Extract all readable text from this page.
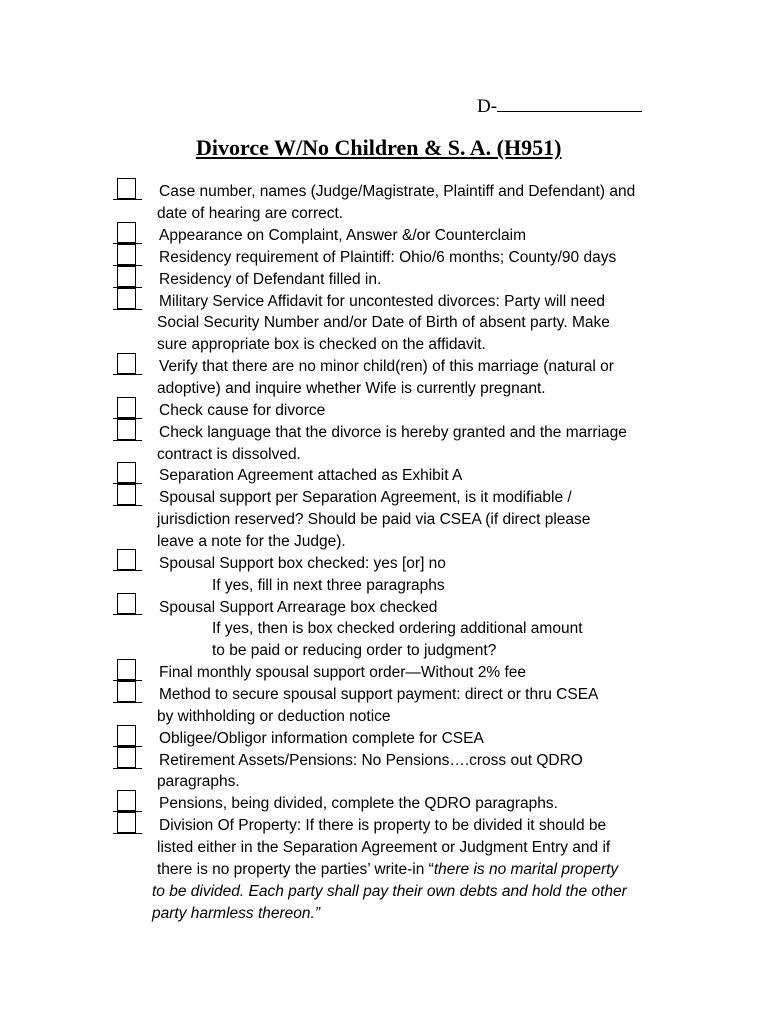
D-
Divorce W/No Children & S. A. (H951)
Case number, names (Judge/Magistrate, Plaintiff and Defendant) and
date of hearing are correct.
Appearance on Complaint, Answer &/or Counterclaim
Residency requirement of Plaintiff: Ohio/6 months; County/90 days
Residency of Defendant filled in.
Military Service Affidavit for uncontested divorces: Party will need
Social Security Number and/or Date of Birth of absent party. Make
sure appropriate box is checked on the affidavit.
Verify that there are no minor child(ren) of this marriage (natural or
adoptive) and inquire whether Wife is currently pregnant.
Check cause for divorce
Check language that the divorce is hereby granted and the marriage
contract is dissolved.
Separation Agreement attached as Exhibit A
Spousal support per Separation Agreement, is it modifiable /
jurisdiction reserved? Should be paid via CSEA (if direct please
leave a note for the Judge).
Spousal Support box checked: yes [or] no
If yes, fill in next three paragraphs
Spousal Support Arrearage box checked
If yes, then is box checked ordering additional amount
to be paid or reducing order to judgment?
Final monthly spousal support order—Without 2% fee
Method to secure spousal support payment: direct or thru CSEA
by withholding or deduction notice
Obligee/Obligor information complete for CSEA
Retirement Assets/Pensions: No Pensions….cross out QDRO
paragraphs.
Pensions, being divided, complete the QDRO paragraphs.
Division Of Property: If there is property to be divided it should be
listed either in the Separation Agreement or Judgment Entry and if
there is no property the parties’ write-in “there is no marital property
to be divided. Each party shall pay their own debts and hold the other
party harmless thereon.”
